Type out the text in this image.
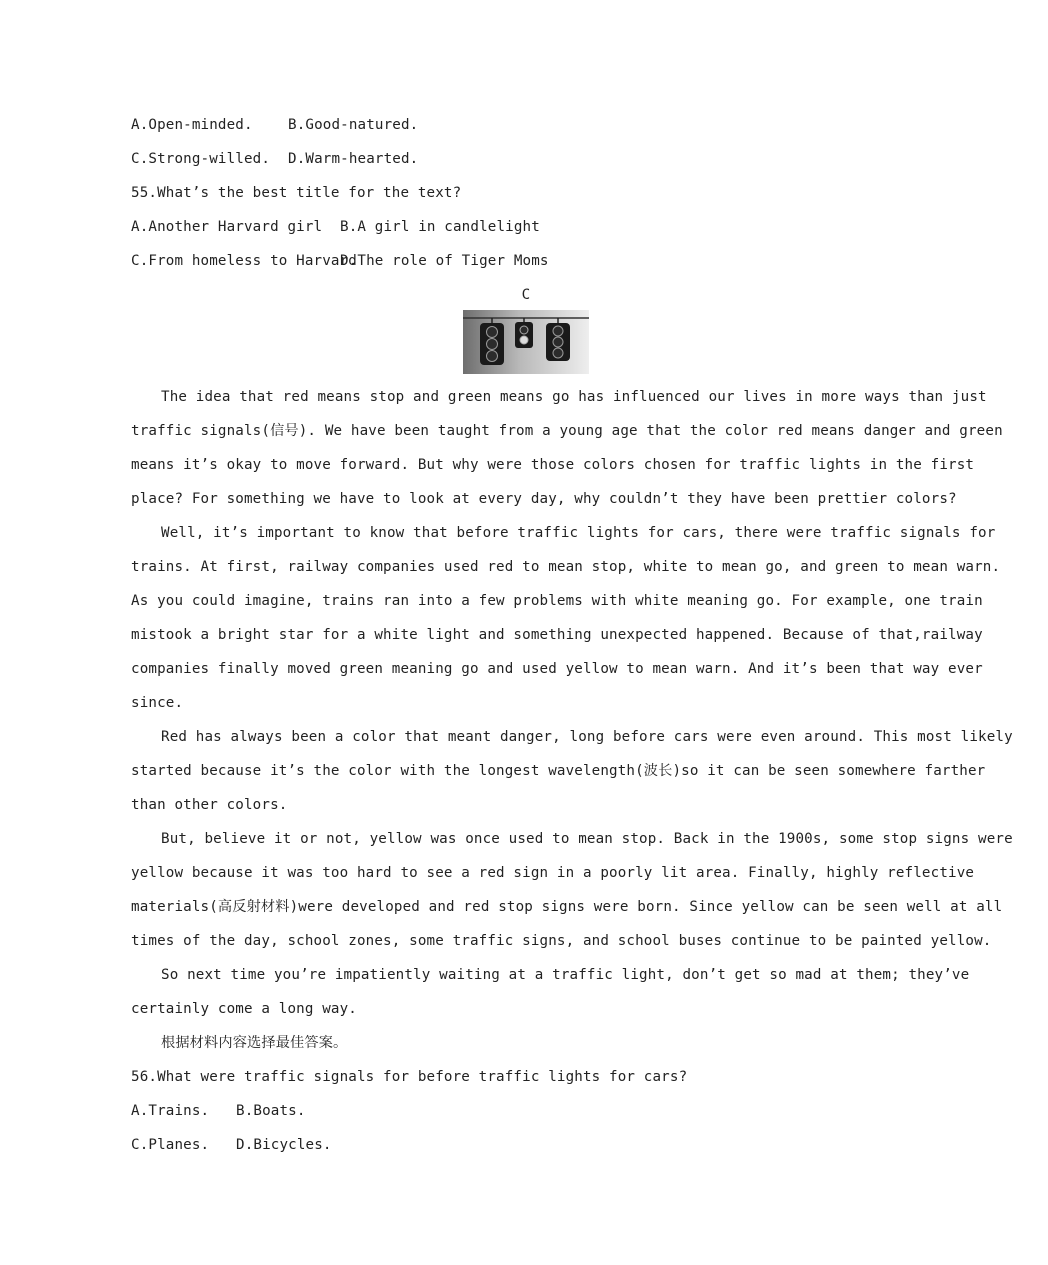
A.Open-minded. B.Good-natured.
C.Strong-willed. D.Warm-hearted.
55.What’s the best title for the text?
A.Another Harvard girl B.A girl in candlelight
C.From homeless to HarvardD.The role of Tiger Moms
C
The idea that red means stop and green means go has influenced our lives in more ways than just
traffic signals(信号). We have been taught from a young age that the color red means danger and green
means it’s okay to move forward. But why were those colors chosen for traffic lights in the first
place? For something we have to look at every day, why couldn’t they have been prettier colors?
Well, it’s important to know that before traffic lights for cars, there were traffic signals for
trains. At first, railway companies used red to mean stop, white to mean go, and green to mean warn.
As you could imagine, trains ran into a few problems with white meaning go. For example, one train
mistook a bright star for a white light and something unexpected happened. Because of that,railway
companies finally moved green meaning go and used yellow to mean warn. And it’s been that way ever
since.
Red has always been a color that meant danger, long before cars were even around. This most likely
started because it’s the color with the longest wavelength(波长)so it can be seen somewhere farther
than other colors.
But, believe it or not, yellow was once used to mean stop. Back in the 1900s, some stop signs were
yellow because it was too hard to see a red sign in a poorly lit area. Finally, highly reflective
materials(高反射材料)were developed and red stop signs were born. Since yellow can be seen well at all
times of the day, school zones, some traffic signs, and school buses continue to be painted yellow.
So next time you’re impatiently waiting at a traffic light, don’t get so mad at them; they’ve
certainly come a long way.
根据材料内容选择最佳答案。
56.What were traffic signals for before traffic lights for cars?
A.Trains. B.Boats.
C.Planes. D.Bicycles.
